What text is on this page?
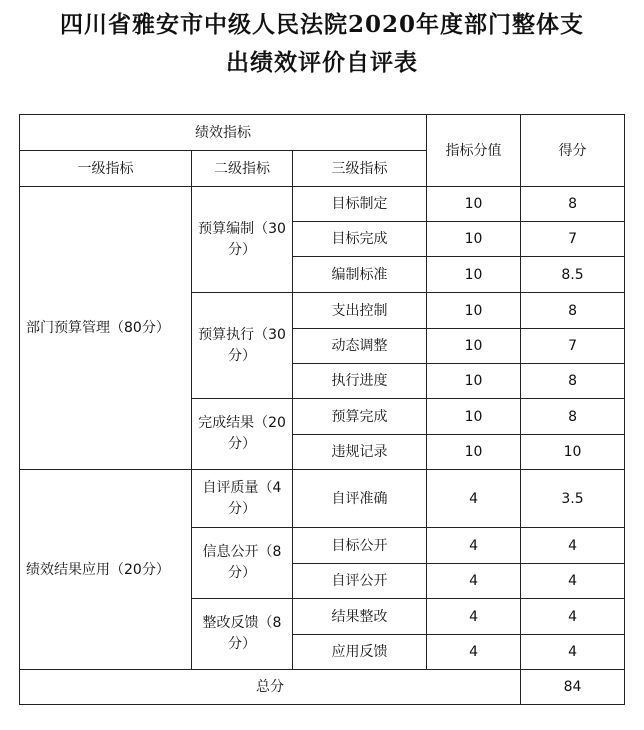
四川省雅安市中级人民法院2020年度部门整体支
出绩效评价自评表
绩效指标			指标分值	得分
一级指标	二级指标	三级指标		
部门预算管理（80分）	预算编制（30分）	目标制定	10	8
		目标完成	10	7
		编制标准	10	8.5
	预算执行（30分）	支出控制	10	8
		动态调整	10	7
		执行进度	10	8
	完成结果（20分）	预算完成	10	8
		违规记录	10	10
绩效结果应用（20分）	自评质量（4分）	自评准确	4	3.5
	信息公开（8分）	目标公开	4	4
		自评公开	4	4
	整改反馈（8分）	结果整改	4	4
		应用反馈	4	4
总分				84
